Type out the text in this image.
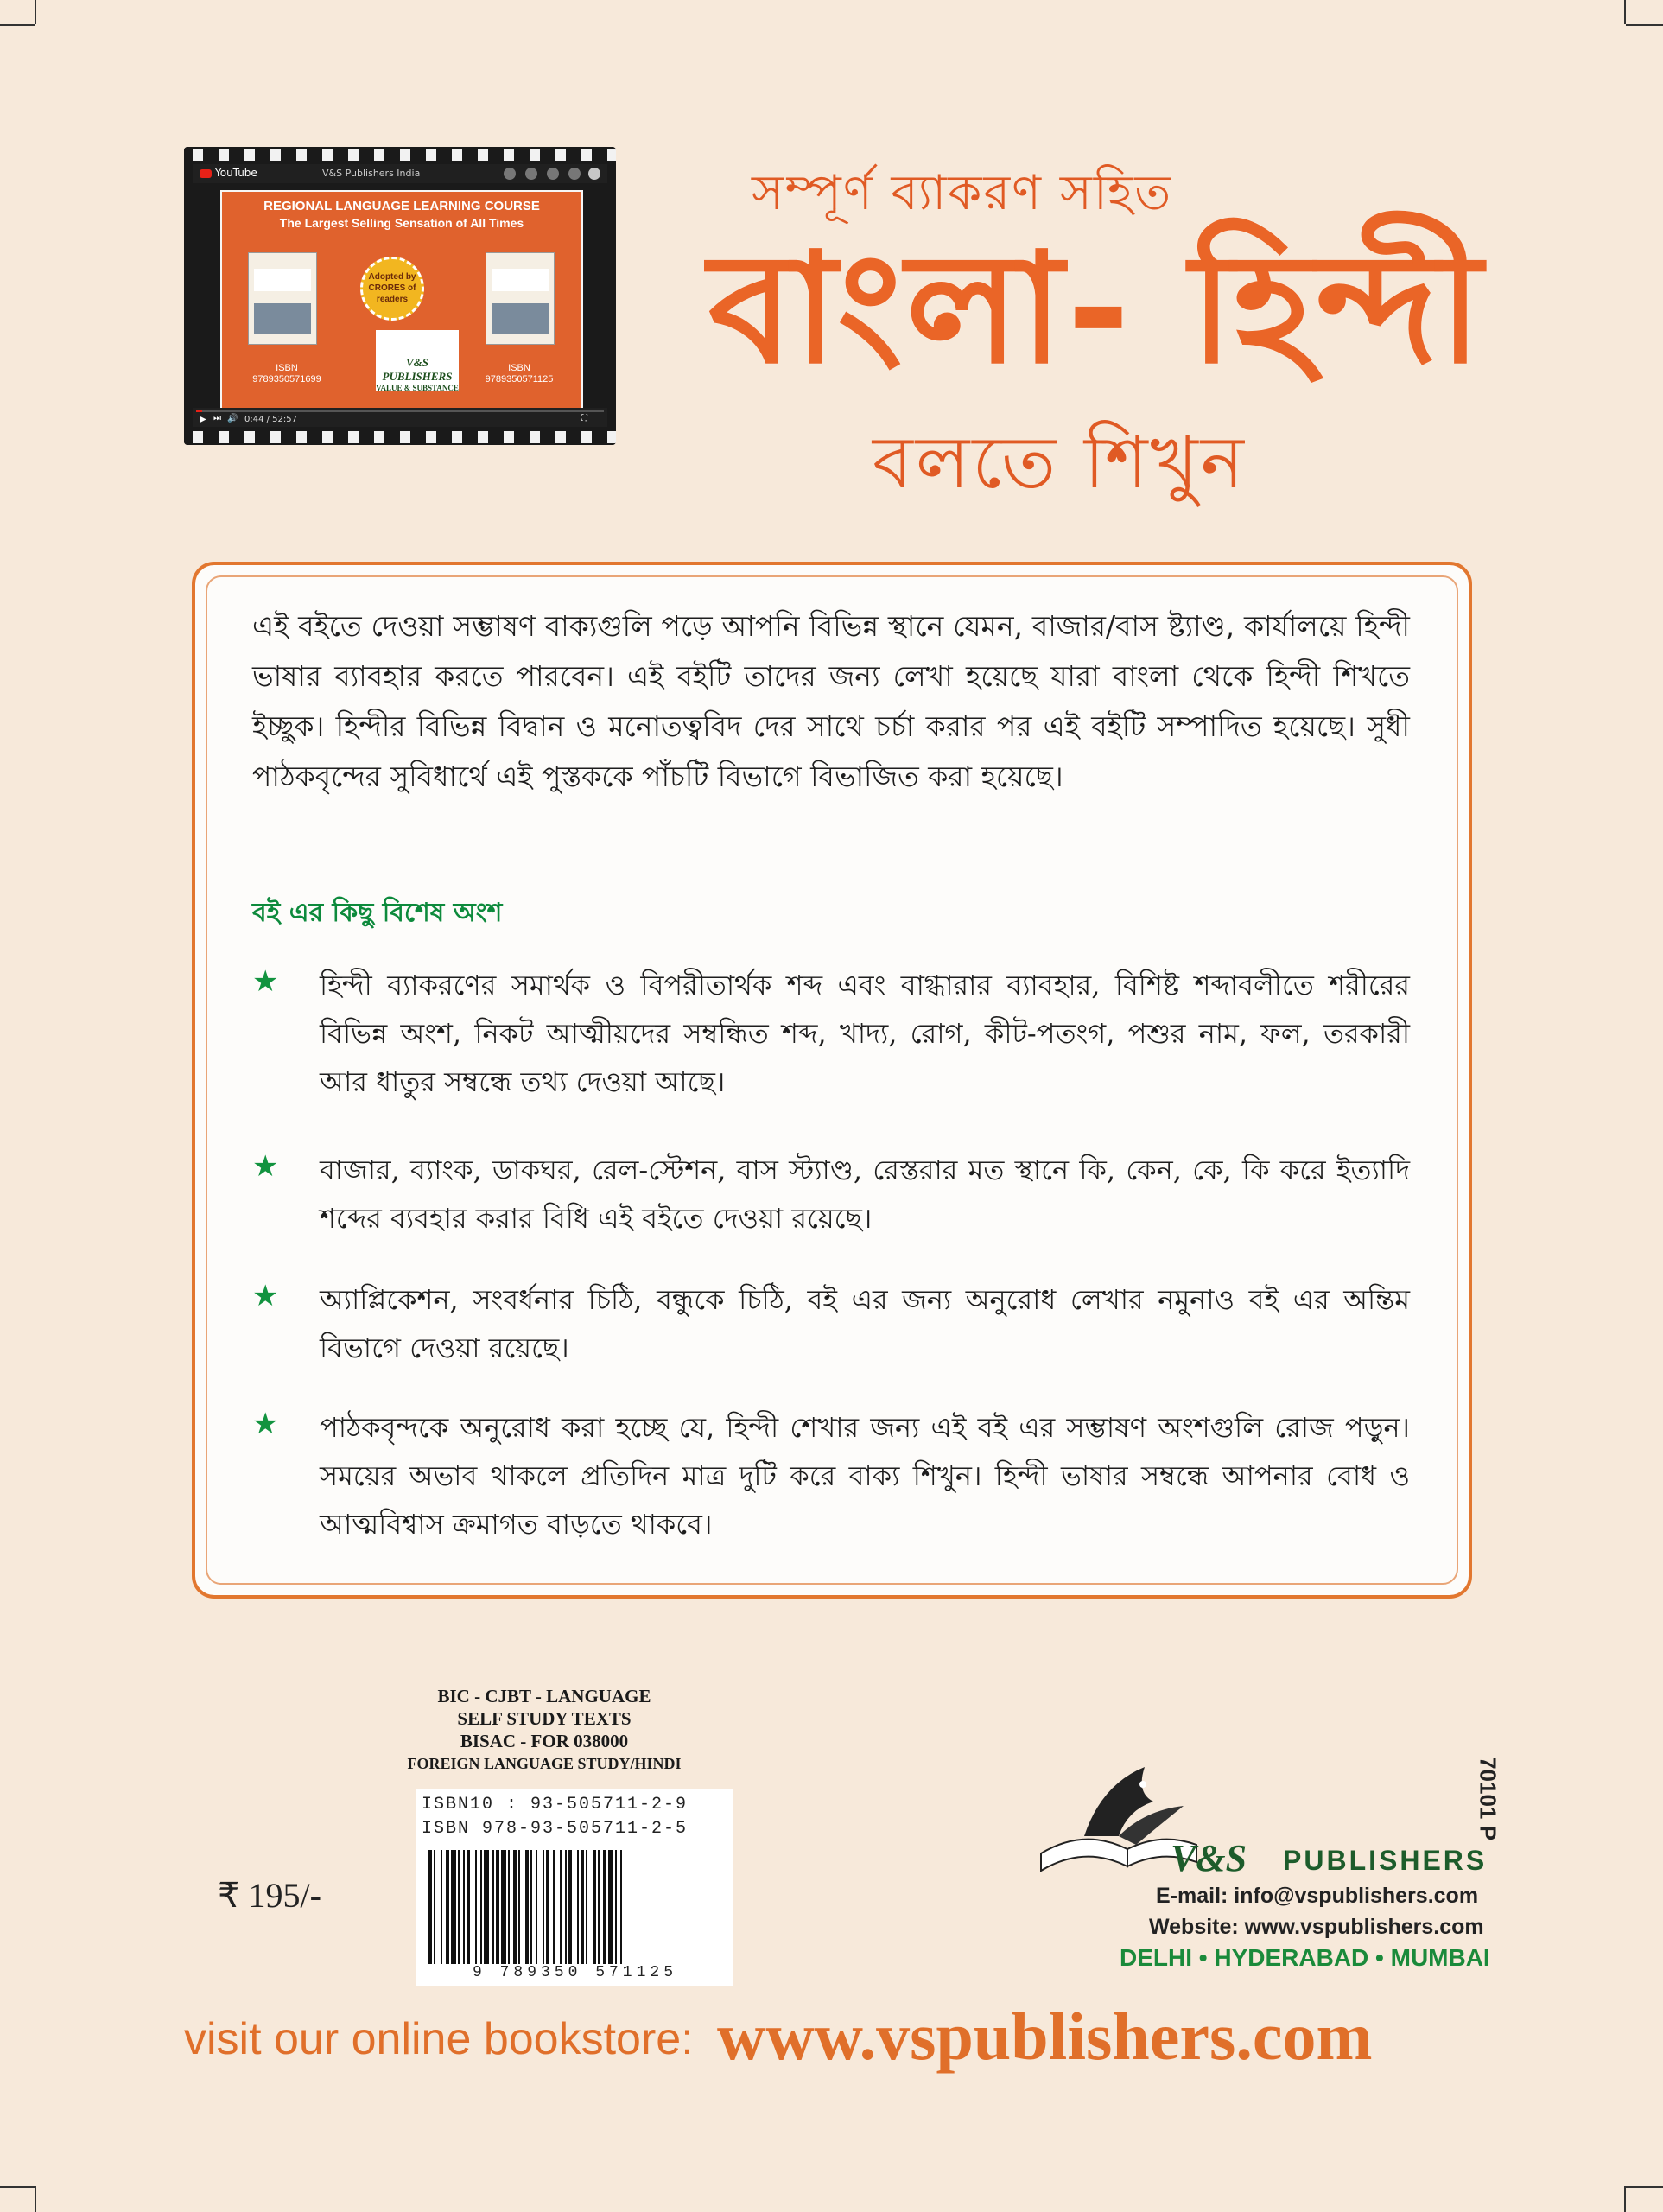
YouTube	V&S Publishers India
REGIONAL LANGUAGE LEARNING COURSE
The Largest Selling Sensation of All Times
Adopted by CRORES of readers
V&S PUBLISHERS
VALUE & SUBSTANCE
ISBN
9789350571699
ISBN
9789350571125
▶ ⏭ 🔊 0:44 / 52:57	⛶
সম্পূর্ণ ব্যাকরণ সহিত
বাংলা- হিন্দী
বলতে শিখুন
এই বইতে দেওয়া সম্ভাষণ বাক্যগুলি পড়ে আপনি বিভিন্ন স্থানে যেমন, বাজার/বাস ষ্ট্যাণ্ড, কার্যালয়ে হিন্দী ভাষার ব্যাবহার করতে পারবেন। এই বইটি তাদের জন্য লেখা হয়েছে যারা বাংলা থেকে হিন্দী শিখতে ইচ্ছুক। হিন্দীর বিভিন্ন বিদ্বান ও মনোতত্ববিদ দের সাথে চর্চা করার পর এই বইটি সম্পাদিত হয়েছে। সুধী পাঠকবৃন্দের সুবিধার্থে এই পুস্তককে পাঁচটি বিভাগে বিভাজিত করা হয়েছে।
বই এর কিছু বিশেষ অংশ
★ হিন্দী ব্যাকরণের সমার্থক ও বিপরীতার্থক শব্দ এবং বাগ্ধারার ব্যাবহার, বিশিষ্ট শব্দাবলীতে শরীরের বিভিন্ন অংশ, নিকট আত্মীয়দের সম্বন্ধিত শব্দ, খাদ্য, রোগ, কীট-পতংগ, পশুর নাম, ফল, তরকারী আর ধাতুর সম্বন্ধে তথ্য দেওয়া আছে।
★ বাজার, ব্যাংক, ডাকঘর, রেল-স্টেশন, বাস স্ট্যাণ্ড, রেস্তরার মত স্থানে কি, কেন, কে, কি করে ইত্যাদি শব্দের ব্যবহার করার বিধি এই বইতে দেওয়া রয়েছে।
★ অ্যাপ্লিকেশন, সংবর্ধনার চিঠি, বন্ধুকে চিঠি, বই এর জন্য অনুরোধ লেখার নমুনাও বই এর অন্তিম বিভাগে দেওয়া রয়েছে।
★ পাঠকবৃন্দকে অনুরোধ করা হচ্ছে যে, হিন্দী শেখার জন্য এই বই এর সম্ভাষণ অংশগুলি রোজ পড়ুন। সময়ের অভাব থাকলে প্রতিদিন মাত্র দুটি করে বাক্য শিখুন। হিন্দী ভাষার সম্বন্ধে আপনার বোধ ও আত্মবিশ্বাস ক্রমাগত বাড়তে থাকবে।
BIC - CJBT - LANGUAGE
SELF STUDY TEXTS
BISAC - FOR 038000
FOREIGN LANGUAGE STUDY/HINDI
ISBN10 : 93-505711-2-9
ISBN 978-93-505711-2-5
9 789350 571125
₹ 195/-
70101 P
V&S PUBLISHERS
E-mail: info@vspublishers.com
Website: www.vspublishers.com
DELHI • HYDERABAD • MUMBAI
visit our online bookstore: www.vspublishers.com
